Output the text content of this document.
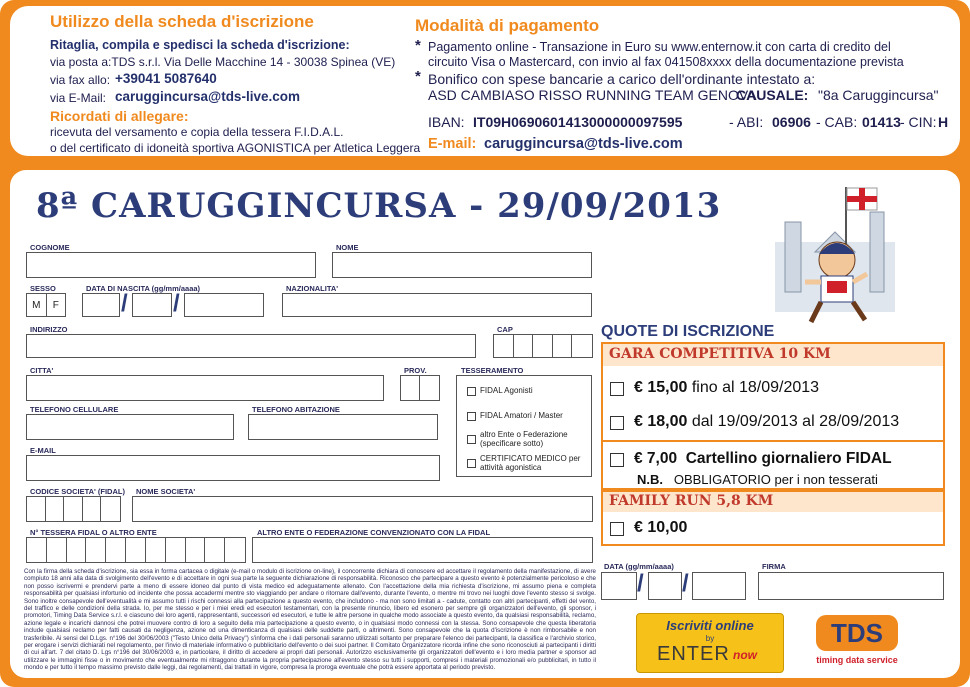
Utilizzo della scheda d'iscrizione
Ritaglia, compila e spedisci la scheda d'iscrizione:
via posta a:TDS s.r.l. Via Delle Macchine 14 - 30038 Spinea (VE)
via fax allo: +39041 5087640
via E-Mail: caruggincursa@tds-live.com
Ricordati di allegare:
ricevuta del versamento e copia della tessera F.I.D.A.L.
o del certificato di idoneità sportiva AGONISTICA per Atletica Leggera
Modalità di pagamento
* Pagamento online - Transazione in Euro su www.enternow.it con carta di credito del
circuito Visa o Mastercard, con invio al fax 041508xxxx della documentazione prevista
* Bonifico con spese bancarie a carico dell'ordinante intestato a:
ASD CAMBIASO RISSO RUNNING TEAM GENOVA
CAUSALE: "8a Caruggincursa"
IBAN: IT09H0690601413000000097595	- ABI: 06906 - CAB: 01413 - CIN: H
E-mail: caruggincursa@tds-live.com
8ª CARUGGINCURSA - 29/09/2013
COGNOME	NOME
SESSO
M	F
DATA DI NASCITA (gg/mm/aaaa)
/ /
NAZIONALITA'
INDIRIZZO	CAP
CITTA'	PROV.	TESSERAMENTO
FIDAL Agonisti
FIDAL Amatori / Master
altro Ente o Federazione (specificare sotto)
CERTIFICATO MEDICO per attività agonistica
TELEFONO CELLULARE	TELEFONO ABITAZIONE
E-MAIL
CODICE SOCIETA' (FIDAL) NOME SOCIETA'
N° TESSERA FIDAL O ALTRO ENTE	ALTRO ENTE O FEDERAZIONE CONVENZIONATO CON LA FIDAL
Con la firma della scheda d'iscrizione, sia essa in forma cartacea o digitale (e-mail o modulo di iscrizione on-line), il concorrente dichiara di conoscere ed accettare il regolamento della manifestazione, di avere compiuto 18 anni alla data di svolgimento dell'evento e di accettare in ogni sua parte la seguente dichiarazione di responsabilità. Riconosco che partecipare a questo evento è potenzialmente pericoloso e che non posso iscrivermi e prendervi parte a meno di essere idoneo dal punto di vista medico ed adeguatamente allenato. Con l'accettazione della mia richiesta d'iscrizione, mi assumo piena e completa responsabilità per qualsiasi infortunio od incidente che possa accadermi mentre sto viaggiando per andare o ritornare dall'evento, durante l'evento, o mentre mi trovo nei luoghi dove l'evento stesso si svolge. Sono inoltre consapevole dell'eventualità e mi assumo tutti i rischi connessi alla partecipazione a questo evento, che includono - ma non sono limitati a - cadute, contatto con altri partecipanti, effetti del vento, del traffico e delle condizioni della strada. Io, per me stesso e per i miei eredi ed esecutori testamentari, con la presente rinuncio, libero ed esonero per sempre gli organizzatori dell'evento, gli sponsor, i promotori, Timing Data Service s.r.l. e ciascuno dei loro agenti, rappresentanti, successori ed esecutori, e tutte le altre persone in qualche modo associate a questo evento, da qualsiasi responsabilità, reclamo, azione legale e incarichi dannosi che potrei muovere contro di loro a seguito della mia partecipazione a questo evento, o in qualsiasi modo connessi con la stessa. Sono consapevole che questa liberatoria include qualsiasi reclamo per fatti causati da negligenza, azione od una dimenticanza di qualsiasi delle suddette parti, o altrimenti. Sono consapevole che la quota d'iscrizione è non rimborsabile e non trasferibile. Ai sensi del D.Lgs. n°196 del 30/06/2003 ("Testo Unico della Privacy") s'informa che i dati personali saranno utilizzati soltanto per preparare l'elenco dei partecipanti, la classifica e l'archivio storico, per erogare i servizi dichiarati nel regolamento, per l'invio di materiale informativo o pubblicitario dell'evento o dei suoi partner. Il Comitato Organizzatore ricorda infine che sono riconosciuti ai partecipanti i diritti di cui all'art. 7 del citato D. Lgs n°196 del 30/06/2003 e, in particolare, il diritto di accedere ai propri dati personali. Autorizzo esclusivamente gli organizzatori dell'evento e i loro media partner e sponsor ad utilizzare le immagini fisse o in movimento che eventualmente mi ritraggono durante la propria partecipazione all'evento stesso su tutti i supporti, compresi i materiali promozionali e/o pubblicitari, in tutto il mondo e per tutto il tempo massimo previsto dalle leggi, dai regolamenti, dai trattati in vigore, compresa la proroga eventuale che potrà essere apportata al periodo previsto.
QUOTE DI ISCRIZIONE
GARA COMPETITIVA 10 KM
€ 15,00 fino al 18/09/2013
€ 18,00 dal 19/09/2013 al 28/09/2013
€ 7,00 Cartellino giornaliero FIDAL
N.B. OBBLIGATORIO per i non tesserati
FAMILY RUN 5,8 KM
€ 10,00
DATA (gg/mm/aaaa)
/ /
FIRMA
Iscriviti online
by
ENTER now
TDS
timing data service
